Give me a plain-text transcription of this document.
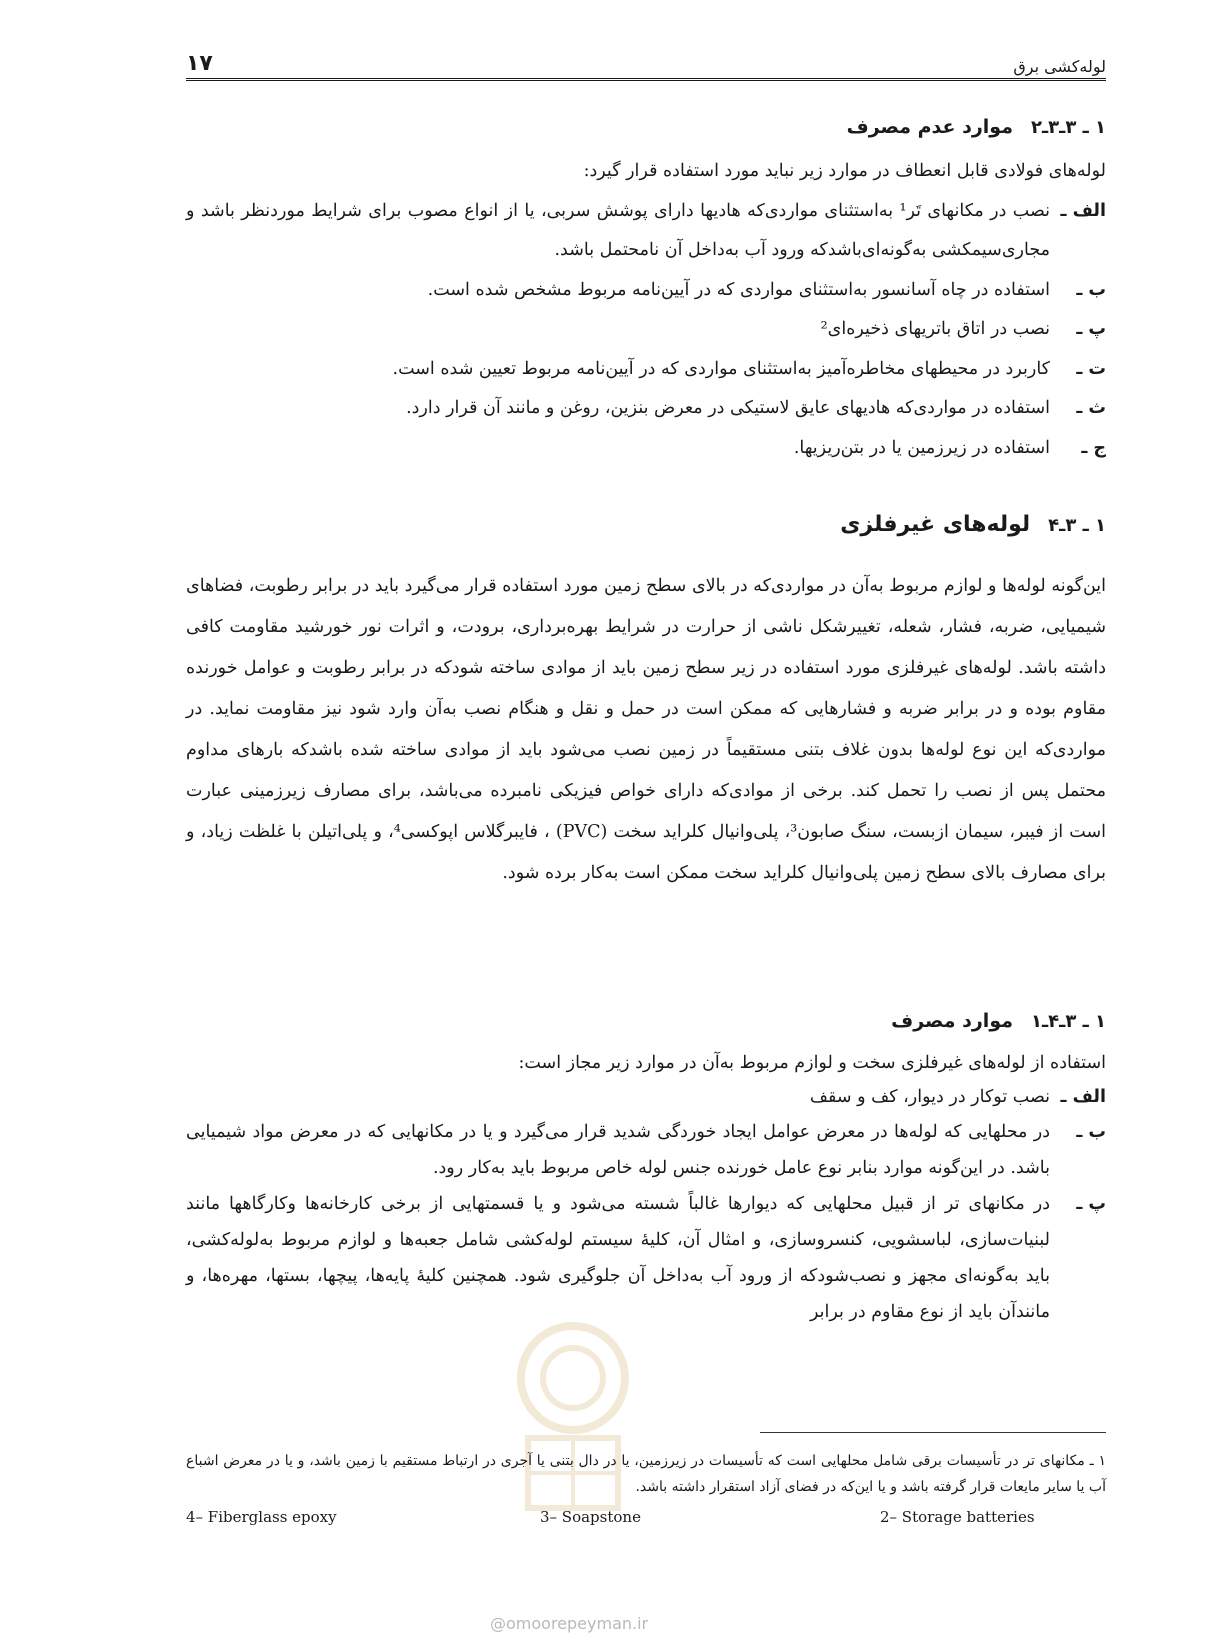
لوله‌کشی برق
۱۷
۱ ـ ۳ـ۳ـ۲
موارد عدم مصرف

لوله‌های فولادی قابل انعطاف در موارد زیر نباید مورد استفاده قرار گیرد:

الف ـ
نصب در مکانهای تَر¹ به‌استثنای مواردی‌که هادیها دارای پوشش سربی، یا از انواع مصوب برای شرایط موردنظر باشد و مجاری‌سیمکشی به‌گونه‌ای‌باشدکه ورود آب به‌داخل آن نامحتمل باشد.
ب ـ
استفاده در چاه آسانسور به‌استثنای مواردی که در آیین‌نامه مربوط مشخص شده است.
پ ـ
نصب در اتاق باتریهای ذخیره‌ای²
ت ـ
کاربرد در محیطهای مخاطره‌آمیز به‌استثنای مواردی که در آیین‌نامه مربوط تعیین شده است.
ث ـ
استفاده در مواردی‌که هادیهای عایق لاستیکی در معرض بنزین، روغن و مانند آن قرار دارد.
ج ـ
استفاده در زیرزمین یا در بتن‌ریزیها.
۱ ـ ۳ـ۴
لوله‌های غیرفلزی

این‌گونه لوله‌ها و لوازم مربوط به‌آن در مواردی‌که در بالای سطح زمین مورد استفاده قرار می‌گیرد باید در برابر رطوبت، فضاهای شیمیایی، ضربه، فشار، شعله، تغییرشکل ناشی از حرارت در شرایط بهره‌برداری، برودت، و اثرات نور خورشید مقاومت کافی داشته باشد. لوله‌های غیرفلزی مورد استفاده در زیر سطح زمین باید از موادی ساخته شودکه در برابر رطوبت و عوامل خورنده مقاوم بوده و در برابر ضربه و فشارهایی که ممکن است در حمل و نقل و هنگام نصب به‌آن وارد شود نیز مقاومت نماید. در مواردی‌که این نوع لوله‌ها بدون غلاف بتنی مستقیماً در زمین نصب می‌شود باید از موادی ساخته شده باشدکه بارهای مداوم محتمل پس از نصب را تحمل کند. برخی از موادی‌که دارای خواص فیزیکی نامبرده می‌باشد، برای مصارف زیرزمینی عبارت است از فیبر، سیمان ازبست، سنگ صابون³، پلی‌وانیال کلراید سخت (PVC) ، فایبرگلاس اپوکسی⁴، و پلی‌اتیلن با غلظت زیاد، و برای مصارف بالای سطح زمین پلی‌وانیال کلراید سخت ممکن است به‌کار برده شود.

۱ ـ ۳ـ۴ـ۱
موارد مصرف

استفاده از لوله‌های غیرفلزی سخت و لوازم مربوط به‌آن در موارد زیر مجاز است:

الف ـ
نصب توکار در دیوار، کف و سقف
ب ـ
در محلهایی که لوله‌ها در معرض عوامل ایجاد خوردگی شدید قرار می‌گیرد و یا در مکانهایی که در معرض مواد شیمیایی باشد. در این‌گونه موارد بنابر نوع عامل خورنده جنس لوله خاص مربوط باید به‌کار رود.
پ ـ
در مکانهای تر از قبیل محلهایی که دیوارها غالباً شسته می‌شود و یا قسمتهایی از برخی کارخانه‌ها وکارگاهها مانند لبنیات‌سازی، لباسشویی، کنسروسازی، و امثال آن، کلیهٔ سیستم لوله‌کشی شامل جعبه‌ها و لوازم مربوط به‌لوله‌کشی، باید به‌گونه‌ای مجهز و نصب‌شودکه از ورود آب به‌داخل آن جلوگیری شود. همچنین کلیهٔ پایه‌ها، پیچها، بستها، مهره‌ها، و مانندآن باید از نوع مقاوم در برابر
۱ ـ مکانهای تر در تأسیسات برقی شامل محلهایی است که تأسیسات در زیرزمین، یا در دال بتنی یا آجری در ارتباط مستقیم با زمین باشد، و یا در معرض اشباع آب یا سایر مایعات قرار گرفته باشد و یا این‌که در فضای آزاد استقرار داشته باشد.
2– Storage batteries
3– Soapstone
4– Fiberglass epoxy
@omoorepeyman.ir
